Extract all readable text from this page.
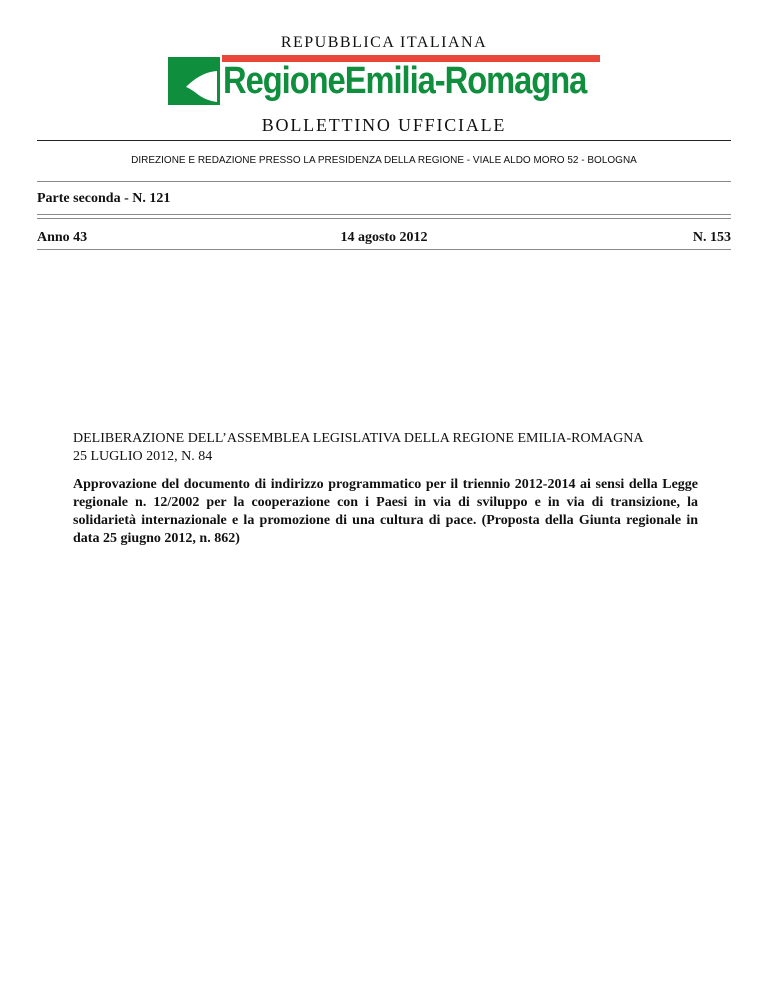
REPUBBLICA ITALIANA
RegioneEmilia-Romagna
BOLLETTINO UFFICIALE
DIREZIONE E REDAZIONE PRESSO LA PRESIDENZA DELLA REGIONE - VIALE ALDO MORO 52 - BOLOGNA
Parte seconda - N. 121
Anno 43	14 agosto 2012	N. 153
DELIBERAZIONE DELL’ASSEMBLEA LEGISLATIVA DELLA REGIONE EMILIA-ROMAGNA
25 LUGLIO 2012, N. 84
Approvazione del documento di indirizzo programmatico per il triennio 2012-2014 ai sensi della Legge regionale n. 12/2002 per la cooperazione con i Paesi in via di sviluppo e in via di transizione, la solidarietà internazionale e la promozione di una cultura di pace. (Proposta della Giunta regionale in data 25 giugno 2012, n. 862)
